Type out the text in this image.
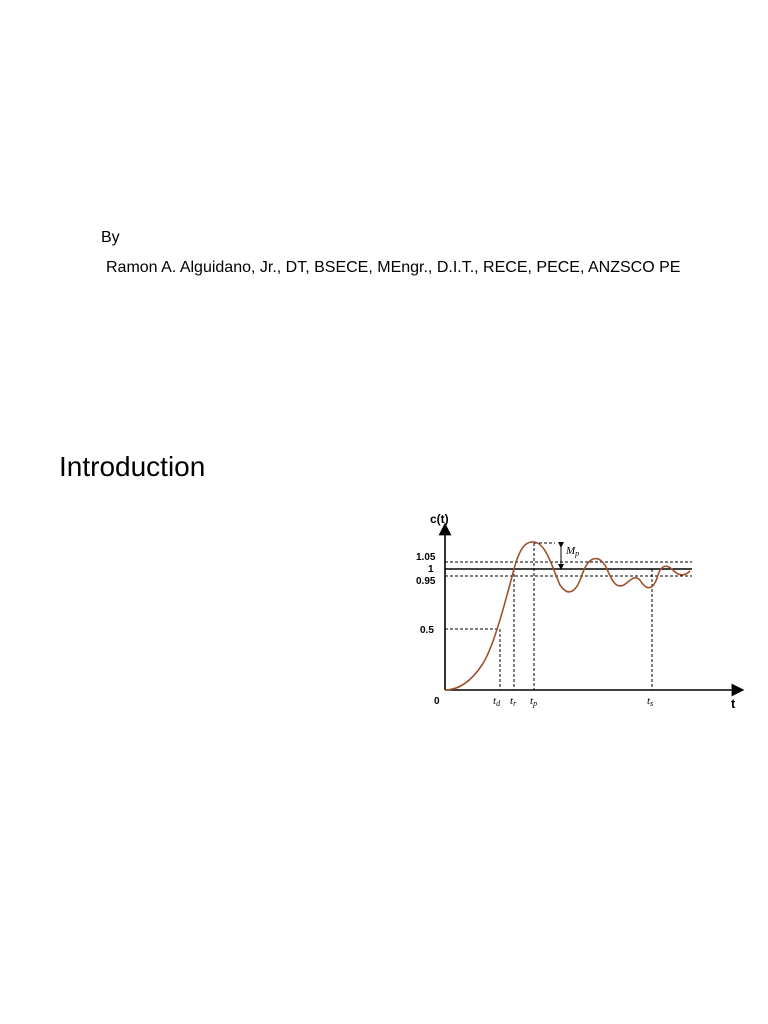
By
Ramon A. Alguidano, Jr., DT, BSECE, MEngr., D.I.T., RECE, PECE, ANZSCO PE
Introduction
c(t)
t
0
1.05
1
0.95
0.5
Mp
td tr tp	ts
